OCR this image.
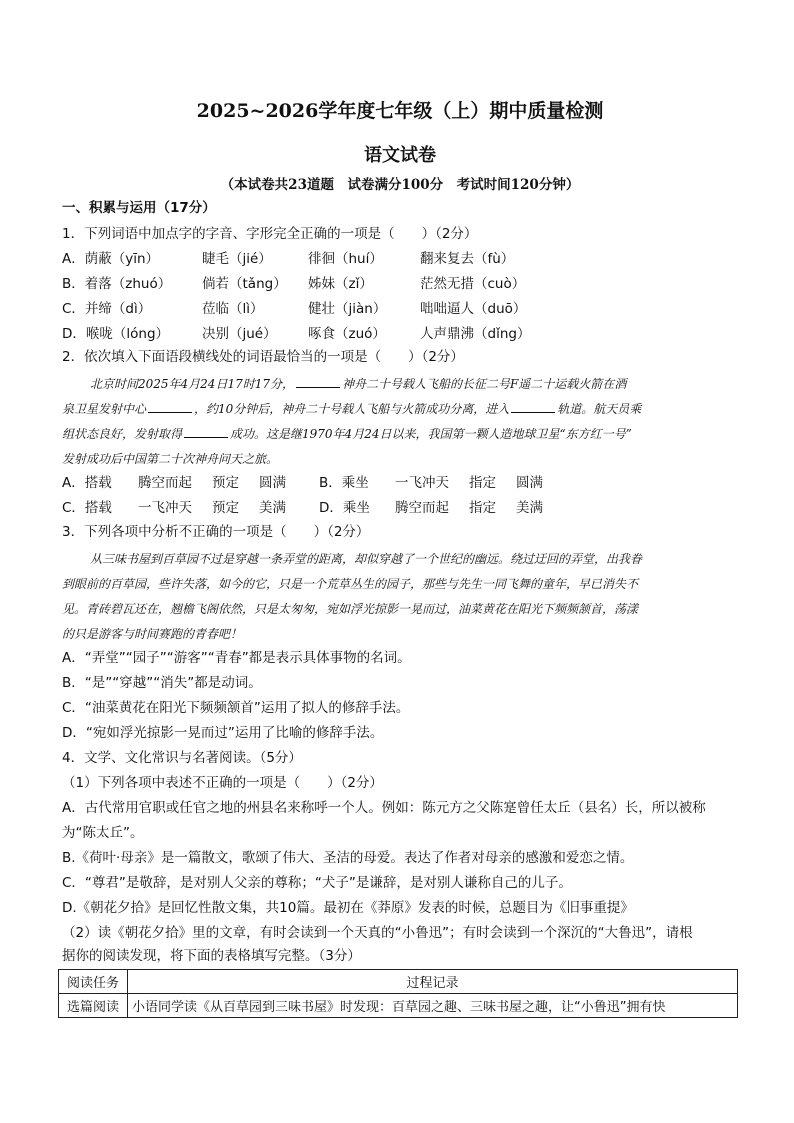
2025~2026学年度七年级（上）期中质量检测
语文试卷
（本试卷共23道题　试卷满分100分　考试时间120分钟）
一、积累与运用（17分）
1．下列词语中加点字的字音、字形完全正确的一项是（　　）（2分）
A．荫蔽（yīn）	睫毛（jié）	徘徊（huí）	翻来复去（fù）
B．着落（zhuó） 倘若（tǎng） 姊妹（zǐ）	茫然无措（cuò）
C．并缔（dì）	莅临（lì）	健壮（jiàn） 咄咄逼人（duō）
D．喉咙（lóng） 决别（jué） 啄食（zuó）	人声鼎沸（dǐng）
2．依次填入下面语段横线处的词语最恰当的一项是（　　）（2分）
北京时间2025年4月24日17时17分，	神舟二十号载人飞船的长征二号F遥二十运载火箭在酒
泉卫星发射中心	，约10分钟后，神舟二十号载人飞船与火箭成功分离，进入	轨道。航天员乘
组状态良好，发射取得	成功。这是继1970年4月24日以来，我国第一颗人造地球卫星“东方红一号”
发射成功后中国第二十次神舟问天之旅。
A．搭载 腾空而起 预定 圆满 B．乘坐 一飞冲天 指定 圆满
C．搭载 一飞冲天 预定 美满 D．乘坐 腾空而起 指定 美满
3．下列各项中分析不正确的一项是（　　）（2分）
从三味书屋到百草园不过是穿越一条弄堂的距离，却似穿越了一个世纪的幽远。绕过迂回的弄堂，出我眷
到眼前的百草园，些许失落，如今的它，只是一个荒草丛生的园子，那些与先生一同飞舞的童年，早已消失不
见。青砖碧瓦还在，翘檐飞阁依然，只是太匆匆，宛如浮光掠影一晃而过，油菜黄花在阳光下频频颔首，荡漾
的只是游客与时间赛跑的青春吧！
A．“弄堂”“园子”“游客”“青春”都是表示具体事物的名词。
B．“是”“穿越”“消失”都是动词。
C．“油菜黄花在阳光下频频颔首”运用了拟人的修辞手法。
D．“宛如浮光掠影一晃而过”运用了比喻的修辞手法。
4．文学、文化常识与名著阅读。（5分）
（1）下列各项中表述不正确的一项是（　　）（2分）
A．古代常用官职或任官之地的州县名来称呼一个人。例如：陈元方之父陈寔曾任太丘（县名）长，所以被称
为“陈太丘”。
B.《荷叶·母亲》是一篇散文，歌颂了伟大、圣洁的母爱。表达了作者对母亲的感激和爱恋之情。
C．“尊君”是敬辞，是对别人父亲的尊称；“犬子”是谦辞，是对别人谦称自己的儿子。
D.《朝花夕拾》是回忆性散文集，共10篇。最初在《莽原》发表的时候，总题目为《旧事重提》
（2）读《朝花夕拾》里的文章，有时会读到一个天真的“小鲁迅”；有时会读到一个深沉的“大鲁迅”，请根
据你的阅读发现，将下面的表格填写完整。（3分）
阅读任务	过程记录
选篇阅读	小语同学读《从百草园到三味书屋》时发现：百草园之趣、三味书屋之趣，让“小鲁迅”拥有快
